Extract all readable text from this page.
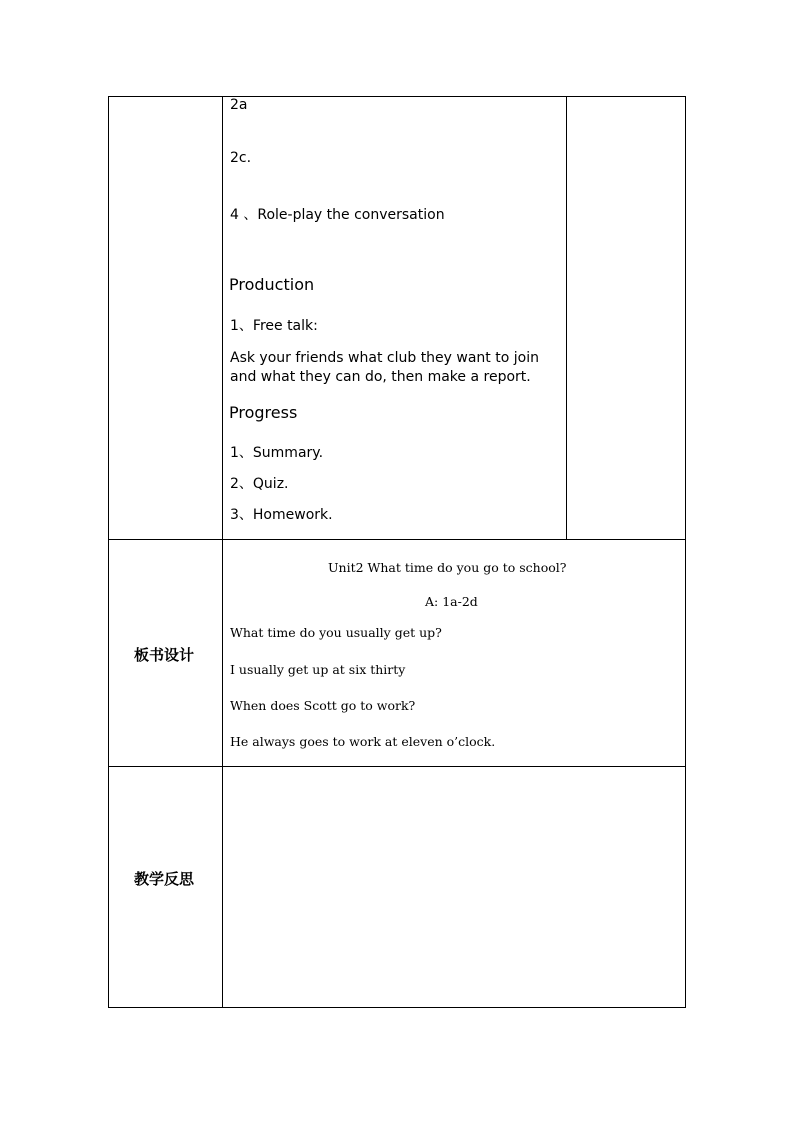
2a
2c.
4 、Role-play the conversation
Production
1、Free talk:
Ask your friends what club they want to join and what they can do, then make a report.
Progress
1、Summary.
2、Quiz.
3、Homework.
板书设计
Unit2 What time do you go to school?
A: 1a-2d
What time do you usually get up?
I usually get up at six thirty
When does Scott go to work?
He always goes to work at eleven o’clock.
教学反思
